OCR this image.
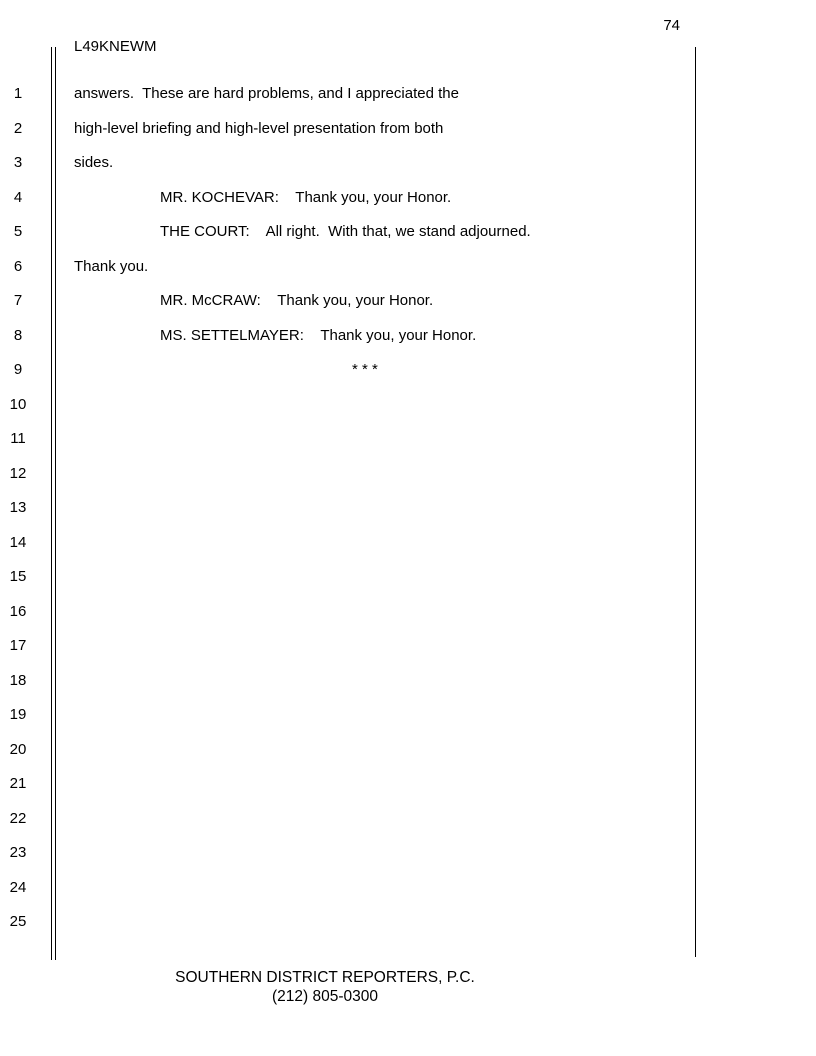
74
L49KNEWM
1
2
3
4
5
6
7
8
9
10
11
12
13
14
15
16
17
18
19
20
21
22
23
24
25
answers.  These are hard problems, and I appreciated the
high-level briefing and high-level presentation from both
sides.
MR. KOCHEVAR:    Thank you, your Honor.
THE COURT:    All right.  With that, we stand adjourned.
Thank you.
MR. McCRAW:    Thank you, your Honor.
MS. SETTELMAYER:    Thank you, your Honor.
* * *
SOUTHERN DISTRICT REPORTERS, P.C.
(212) 805-0300
